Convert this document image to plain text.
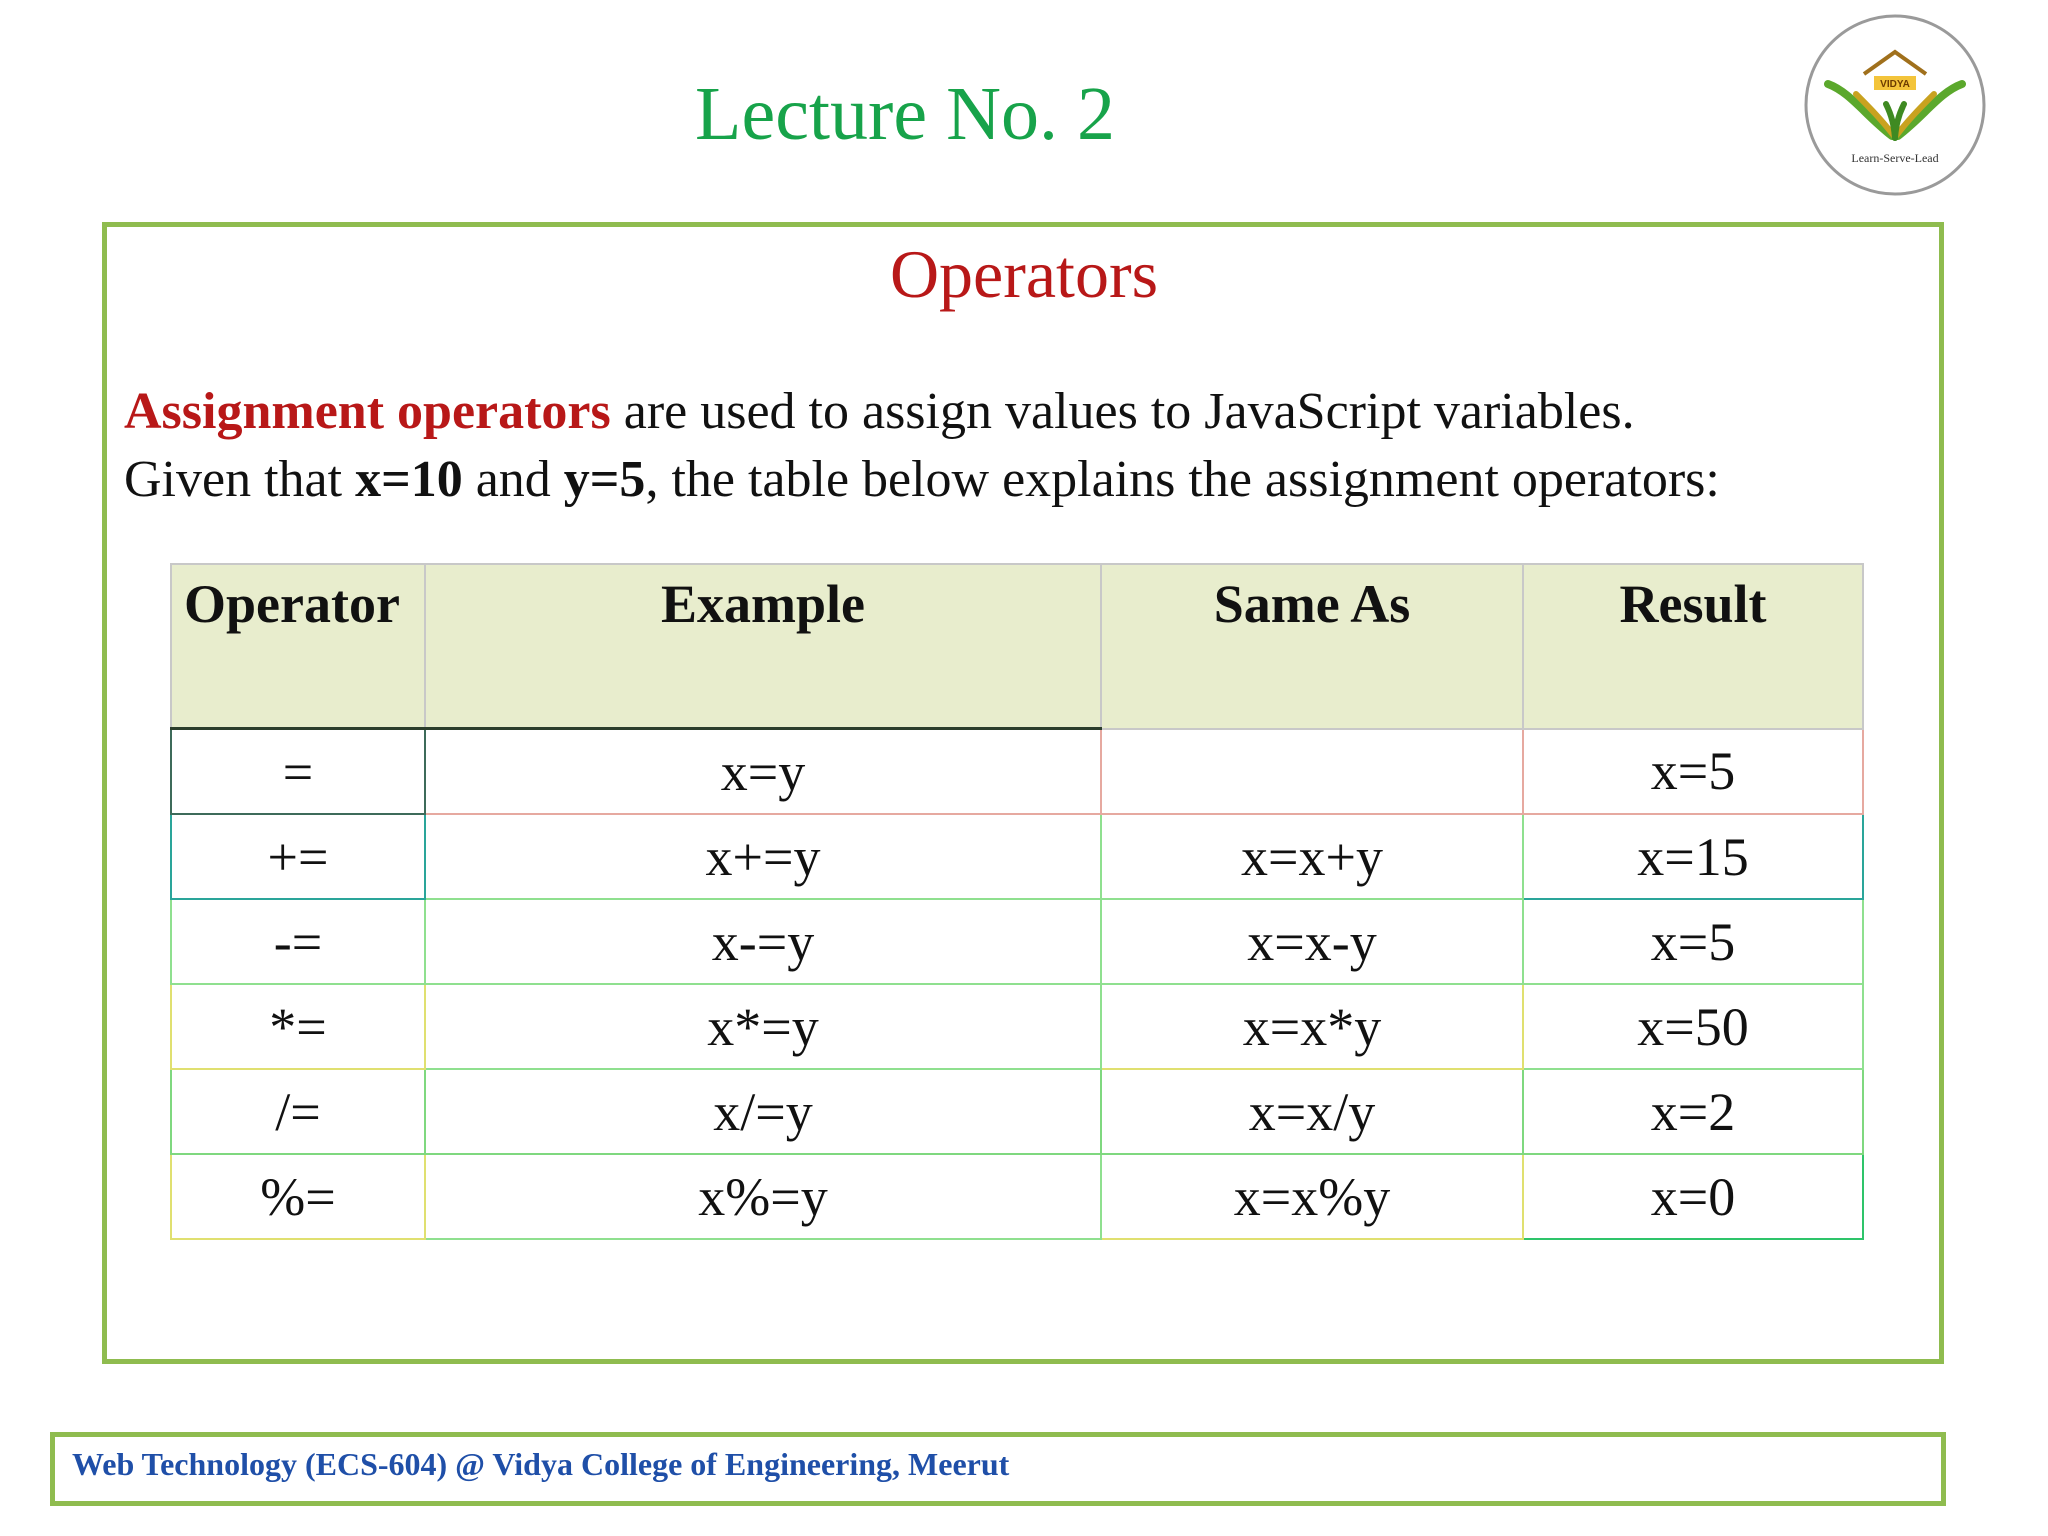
Lecture No. 2	VIDYA
Learn-Serve-Lead
Operators
Assignment operators are used to assign values to JavaScript variables.
Given that x=10 and y=5, the table below explains the assignment operators:
Operator	Example	Same As	Result
=	x=y		x=5
+=	x+=y	x=x+y	x=15
-=	x-=y	x=x-y	x=5
*=	x*=y	x=x*y	x=50
/=	x/=y	x=x/y	x=2
%=	x%=y	x=x%y	x=0
Web Technology (ECS-604) @ Vidya College of Engineering, Meerut
